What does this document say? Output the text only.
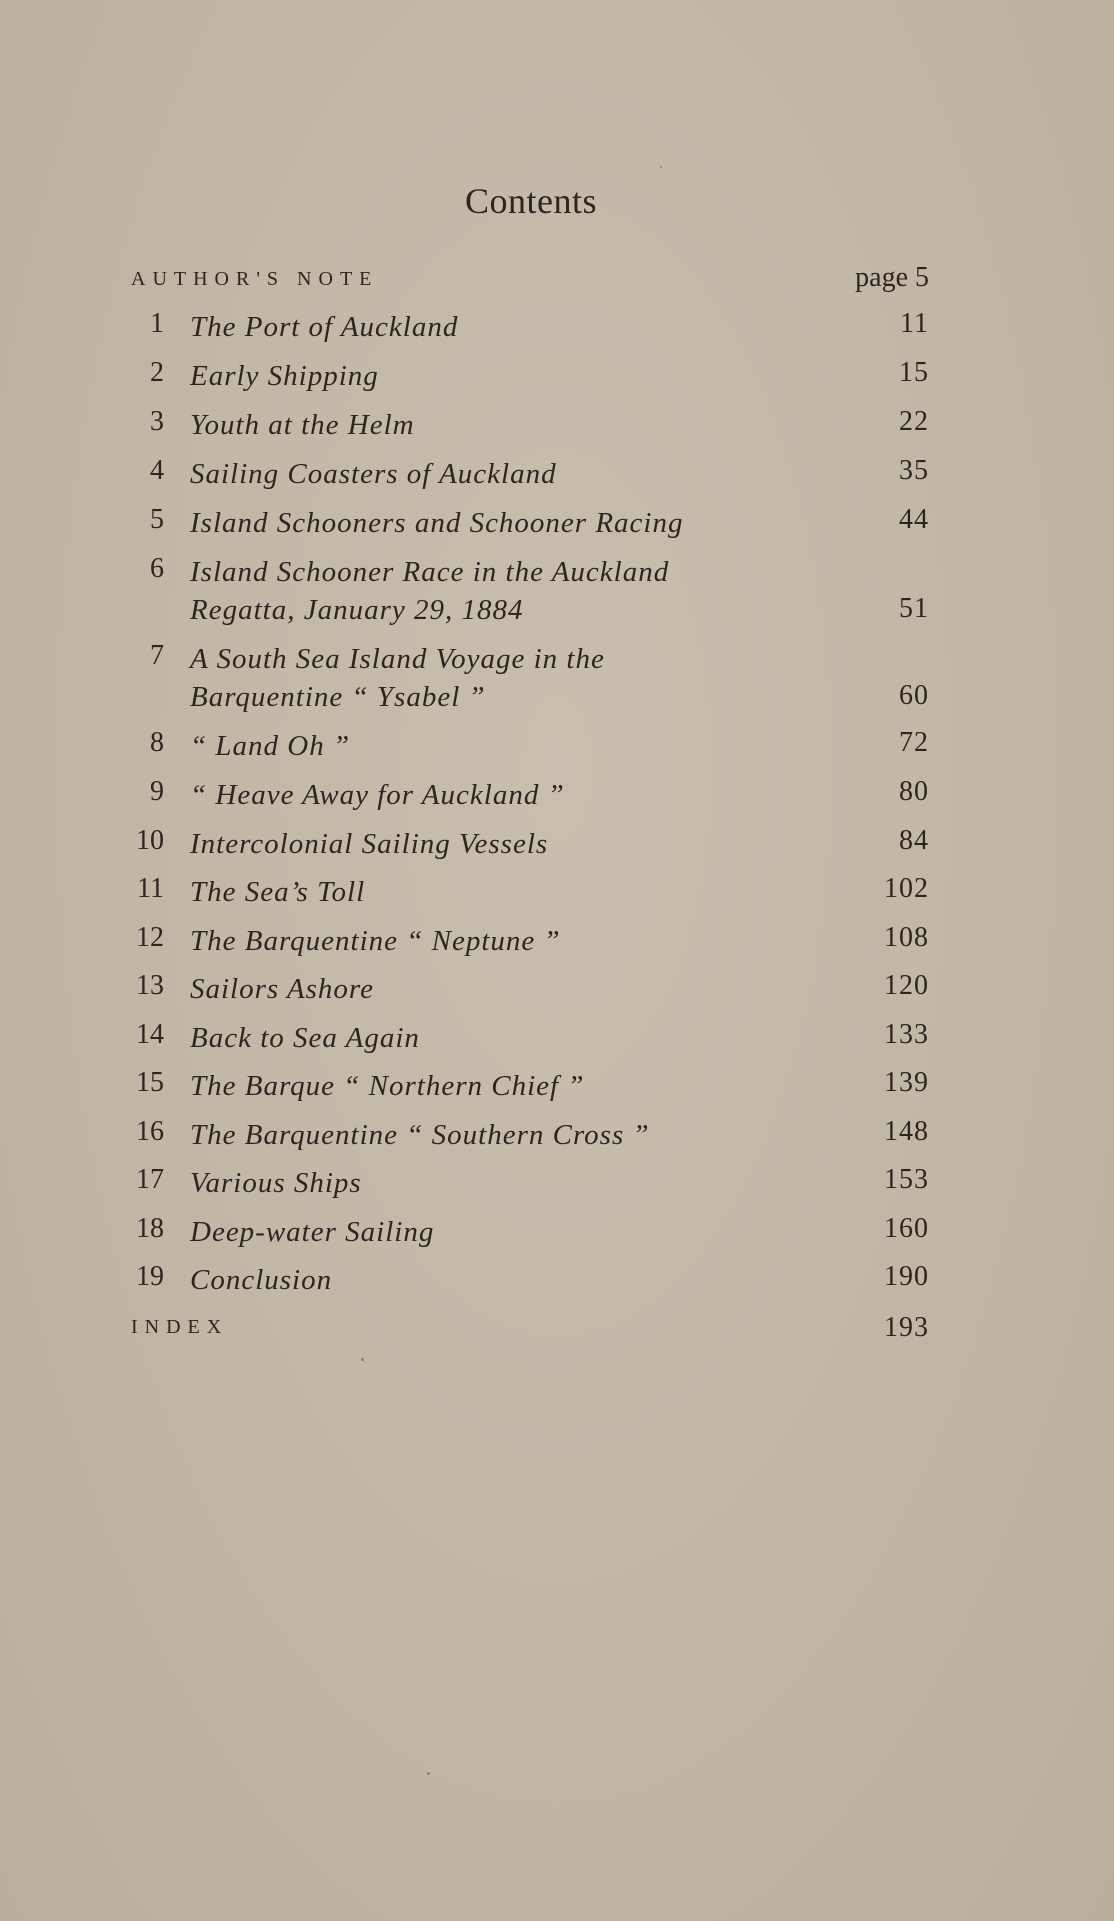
Contents
AUTHOR'S NOTE	page 5
1 The Port of Auckland	11
2 Early Shipping	15
3 Youth at the Helm	22
4 Sailing Coasters of Auckland	35
5 Island Schooners and Schooner Racing	44
6 Island Schooner Race in the Auckland
Regatta, January 29, 1884	51
7 A South Sea Island Voyage in the
Barquentine “ Ysabel ”	60
8 “ Land Oh ”	72
9 “ Heave Away for Auckland ”	80
10 Intercolonial Sailing Vessels	84
11 The Sea’s Toll	102
12 The Barquentine “ Neptune ”	108
13 Sailors Ashore	120
14 Back to Sea Again	133
15 The Barque “ Northern Chief ”	139
16 The Barquentine “ Southern Cross ”	148
17 Various Ships	153
18 Deep-water Sailing	160
19 Conclusion	190
INDEX	193
